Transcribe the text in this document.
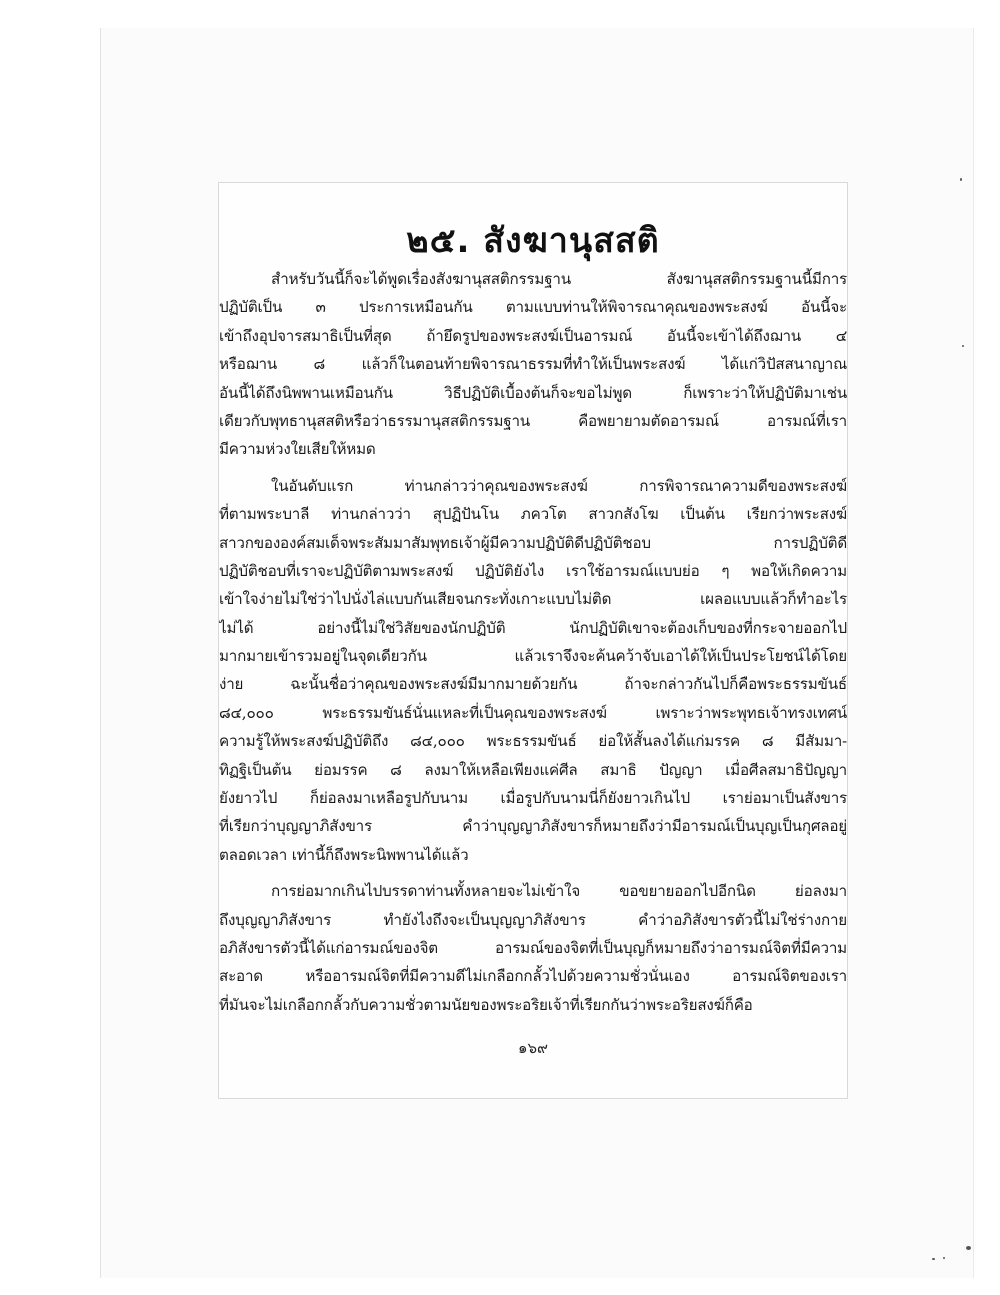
๒๕. สังฆานุสสติ
สำหรับวันนี้ก็จะได้พูดเรื่องสังฆานุสสติกรรมฐาน สังฆานุสสติกรรมฐานนี้มีการ
ปฏิบัติเป็น ๓ ประการเหมือนกัน ตามแบบท่านให้พิจารณาคุณของพระสงฆ์ อันนี้จะ
เข้าถึงอุปจารสมาธิเป็นที่สุด ถ้ายึดรูปของพระสงฆ์เป็นอารมณ์ อันนี้จะเข้าได้ถึงฌาน ๔
หรือฌาน ๘ แล้วก็ในตอนท้ายพิจารณาธรรมที่ทำให้เป็นพระสงฆ์ ได้แก่วิปัสสนาญาณ
อันนี้ได้ถึงนิพพานเหมือนกัน วิธีปฏิบัติเบื้องต้นก็จะขอไม่พูด ก็เพราะว่าให้ปฏิบัติมาเช่น
เดียวกับพุทธานุสสติหรือว่าธรรมานุสสติกรรมฐาน คือพยายามตัดอารมณ์ อารมณ์ที่เรา
มีความห่วงใยเสียให้หมด
ในอันดับแรก ท่านกล่าวว่าคุณของพระสงฆ์ การพิจารณาความดีของพระสงฆ์
ที่ตามพระบาลี ท่านกล่าวว่า สุปฏิปันโน ภควโต สาวกสังโฆ เป็นต้น เรียกว่าพระสงฆ์
สาวกขององค์สมเด็จพระสัมมาสัมพุทธเจ้าผู้มีความปฏิบัติดีปฏิบัติชอบ การปฏิบัติดี
ปฏิบัติชอบที่เราจะปฏิบัติตามพระสงฆ์ ปฏิบัติยังไง เราใช้อารมณ์แบบย่อ ๆ พอให้เกิดความ
เข้าใจง่ายไม่ใช่ว่าไปนั่งไล่แบบกันเสียจนกระทั่งเกาะแบบไม่ติด เผลอแบบแล้วก็ทำอะไร
ไม่ได้ อย่างนี้ไม่ใช่วิสัยของนักปฏิบัติ นักปฏิบัติเขาจะต้องเก็บของที่กระจายออกไป
มากมายเข้ารวมอยู่ในจุดเดียวกัน แล้วเราจึงจะค้นคว้าจับเอาได้ให้เป็นประโยชน์ได้โดย
ง่าย ฉะนั้นชื่อว่าคุณของพระสงฆ์มีมากมายด้วยกัน ถ้าจะกล่าวกันไปก็คือพระธรรมขันธ์
๘๔,๐๐๐ พระธรรมขันธ์นั่นแหละที่เป็นคุณของพระสงฆ์ เพราะว่าพระพุทธเจ้าทรงเทศน์
ความรู้ให้พระสงฆ์ปฏิบัติถึง ๘๔,๐๐๐ พระธรรมขันธ์ ย่อให้สั้นลงได้แก่มรรค ๘ มีสัมมา-
ทิฏฐิเป็นต้น ย่อมรรค ๘ ลงมาให้เหลือเพียงแค่ศีล สมาธิ ปัญญา เมื่อศีลสมาธิปัญญา
ยังยาวไป ก็ย่อลงมาเหลือรูปกับนาม เมื่อรูปกับนามนี่ก็ยังยาวเกินไป เราย่อมาเป็นสังขาร
ที่เรียกว่าบุญญาภิสังขาร คำว่าบุญญาภิสังขารก็หมายถึงว่ามีอารมณ์เป็นบุญเป็นกุศลอยู่
ตลอดเวลา เท่านี้ก็ถึงพระนิพพานได้แล้ว
การย่อมากเกินไปบรรดาท่านทั้งหลายจะไม่เข้าใจ ขอขยายออกไปอีกนิด ย่อลงมา
ถึงบุญญาภิสังขาร ทำยังไงถึงจะเป็นบุญญาภิสังขาร คำว่าอภิสังขารตัวนี้ไม่ใช่ร่างกาย
อภิสังขารตัวนี้ได้แก่อารมณ์ของจิต อารมณ์ของจิตที่เป็นบุญก็หมายถึงว่าอารมณ์จิตที่มีความ
สะอาด หรืออารมณ์จิตที่มีความดีไม่เกลือกกลั้วไปด้วยความชั่วนั่นเอง อารมณ์จิตของเรา
ที่มันจะไม่เกลือกกลั้วกับความชั่วตามนัยของพระอริยเจ้าที่เรียกกันว่าพระอริยสงฆ์ก็คือ
๑๖๙
